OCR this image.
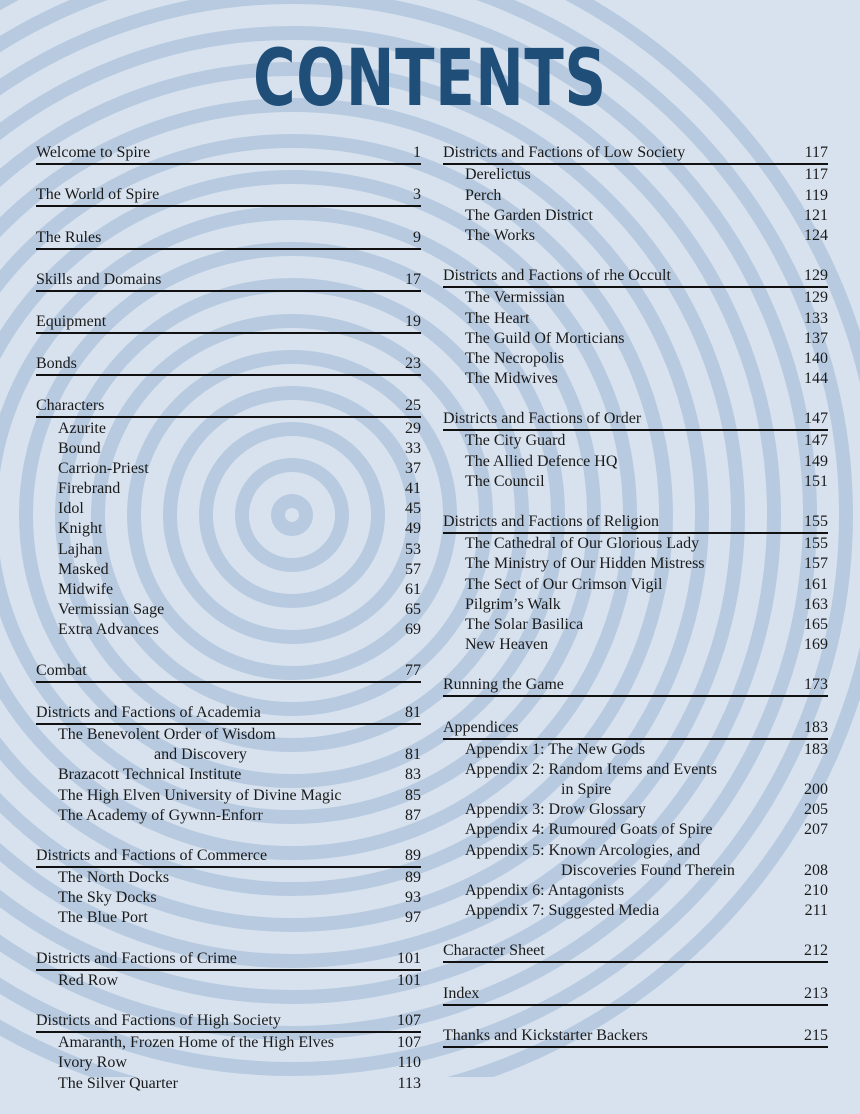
CONTENTS
Welcome to Spire	1
The World of Spire	3
The Rules	9
Skills and Domains	17
Equipment	19
Bonds	23
Characters	25
Azurite	29
Bound	33
Carrion-Priest	37
Firebrand	41
Idol	45
Knight	49
Lajhan	53
Masked	57
Midwife	61
Vermissian Sage	65
Extra Advances	69
Combat	77
Districts and Factions of Academia	81
The Benevolent Order of Wisdom
and Discovery	81
Brazacott Technical Institute	83
The High Elven University of Divine Magic	85
The Academy of Gywnn-Enforr	87
Districts and Factions of Commerce	89
The North Docks	89
The Sky Docks	93
The Blue Port	97
Districts and Factions of Crime	101
Red Row	101
Districts and Factions of High Society	107
Amaranth, Frozen Home of the High Elves	107
Ivory Row	110
The Silver Quarter	113
Districts and Factions of Low Society	117
Derelictus	117
Perch	119
The Garden District	121
The Works	124
Districts and Factions of rhe Occult	129
The Vermissian	129
The Heart	133
The Guild Of Morticians	137
The Necropolis	140
The Midwives	144
Districts and Factions of Order	147
The City Guard	147
The Allied Defence HQ	149
The Council	151
Districts and Factions of Religion	155
The Cathedral of Our Glorious Lady	155
The Ministry of Our Hidden Mistress	157
The Sect of Our Crimson Vigil	161
Pilgrim’s Walk	163
The Solar Basilica	165
New Heaven	169
Running the Game	173
Appendices	183
Appendix 1: The New Gods	183
Appendix 2: Random Items and Events
in Spire	200
Appendix 3: Drow Glossary	205
Appendix 4: Rumoured Goats of Spire	207
Appendix 5: Known Arcologies, and
Discoveries Found Therein	208
Appendix 6: Antagonists	210
Appendix 7: Suggested Media	211
Character Sheet	212
Index	213
Thanks and Kickstarter Backers	215
